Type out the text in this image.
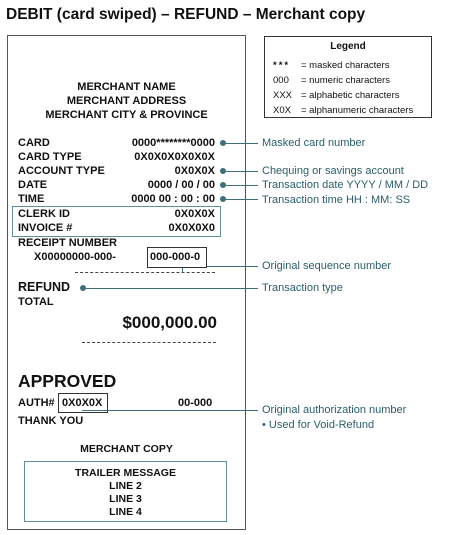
DEBIT (card swiped) – REFUND – Merchant copy
MERCHANT NAME
MERCHANT ADDRESS
MERCHANT CITY & PROVINCE
CARD	0000********0000
CARD TYPE	0X0X0X0X0X0X
ACCOUNT TYPE	0X0X0X
DATE	0000 / 00 / 00
TIME	0000 00 : 00 : 00
CLERK ID	0X0X0X
INVOICE #	0X0X0X0
RECEIPT NUMBER
X00000000-000-	000-000-0
REFUND
TOTAL
$000,000.00
APPROVED
AUTH# 0X0X0X	00-000
THANK YOU
MERCHANT COPY
TRAILER MESSAGE
LINE 2
LINE 3
LINE 4
Legend
*** = masked characters
000 = numeric characters
XXX = alphabetic characters
X0X = alphanumeric characters
Masked card number
Chequing or savings account
Transaction date YYYY / MM / DD
Transaction time HH : MM: SS
Original sequence number
Transaction type
Original authorization number
• Used for Void-Refund
